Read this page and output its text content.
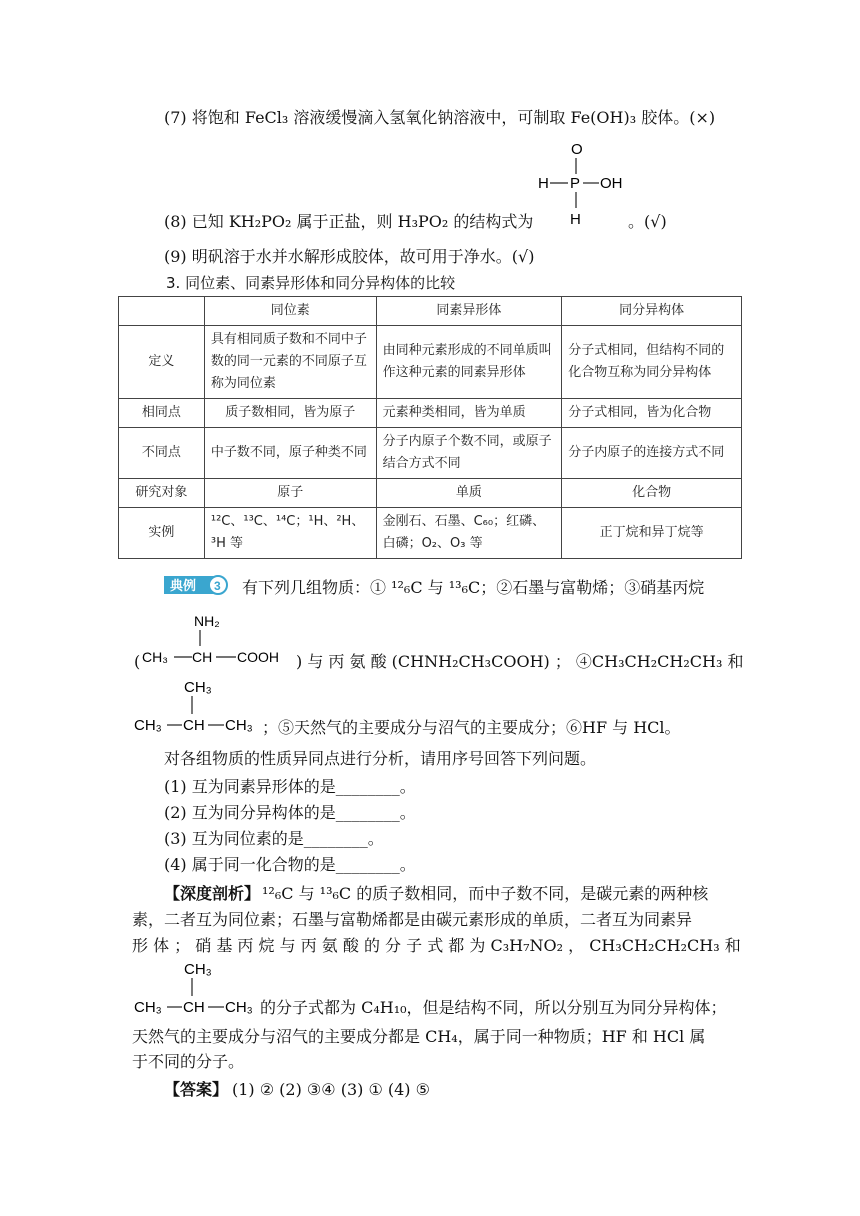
(7) 将饱和 FeCl₃ 溶液缓慢滴入氢氧化钠溶液中，可制取 Fe(OH)₃ 胶体。(×)
O
H P OH
H
(8) 已知 KH₂PO₂ 属于正盐，则 H₃PO₂ 的结构式为	。(√)
(9) 明矾溶于水并水解形成胶体，故可用于净水。(√)
3. 同位素、同素异形体和同分异构体的比较
	同位素	同素异形体	同分异构体
定义	具有相同质子数和不同中子数的同一元素的不同原子互称为同位素	由同种元素形成的不同单质叫作这种元素的同素异形体	分子式相同，但结构不同的化合物互称为同分异构体
相同点	质子数相同，皆为原子	元素种类相同，皆为单质	分子式相同，皆为化合物
不同点	中子数不同，原子种类不同	分子内原子个数不同，或原子结合方式不同	分子内原子的连接方式不同
研究对象	原子	单质	化合物
实例	¹²C、¹³C、¹⁴C；¹H、²H、³H 等	金刚石、石墨、C₆₀；红磷、白磷；O₂、O₃ 等	正丁烷和异丁烷等
典例 3 有下列几组物质：① ¹²₆C 与 ¹³₆C；②石墨与富勒烯；③硝基丙烷
(
NH₂
CH₃ CH COOH ) 与 丙 氨 酸 (CHNH₂CH₃COOH) ； ④CH₃CH₂CH₂CH₃ 和
CH₃
CH₃ CH CH₃ ；⑤天然气的主要成分与沼气的主要成分；⑥HF 与 HCl。
对各组物质的性质异同点进行分析，请用序号回答下列问题。
(1) 互为同素异形体的是________。
(2) 互为同分异构体的是________。
(3) 互为同位素的是________。
(4) 属于同一化合物的是________。
【深度剖析】 ¹²₆C 与 ¹³₆C 的质子数相同，而中子数不同，是碳元素的两种核
素，二者互为同位素；石墨与富勒烯都是由碳元素形成的单质，二者互为同素异
形 体 ； 硝 基 丙 烷 与 丙 氨 酸 的 分 子 式 都 为 C₃H₇NO₂ ， CH₃CH₂CH₂CH₃ 和
CH₃
CH₃ CH CH₃ 的分子式都为 C₄H₁₀，但是结构不同，所以分别互为同分异构体；
天然气的主要成分与沼气的主要成分都是 CH₄，属于同一种物质；HF 和 HCl 属
于不同的分子。
【答案】 (1) ② (2) ③④ (3) ① (4) ⑤
